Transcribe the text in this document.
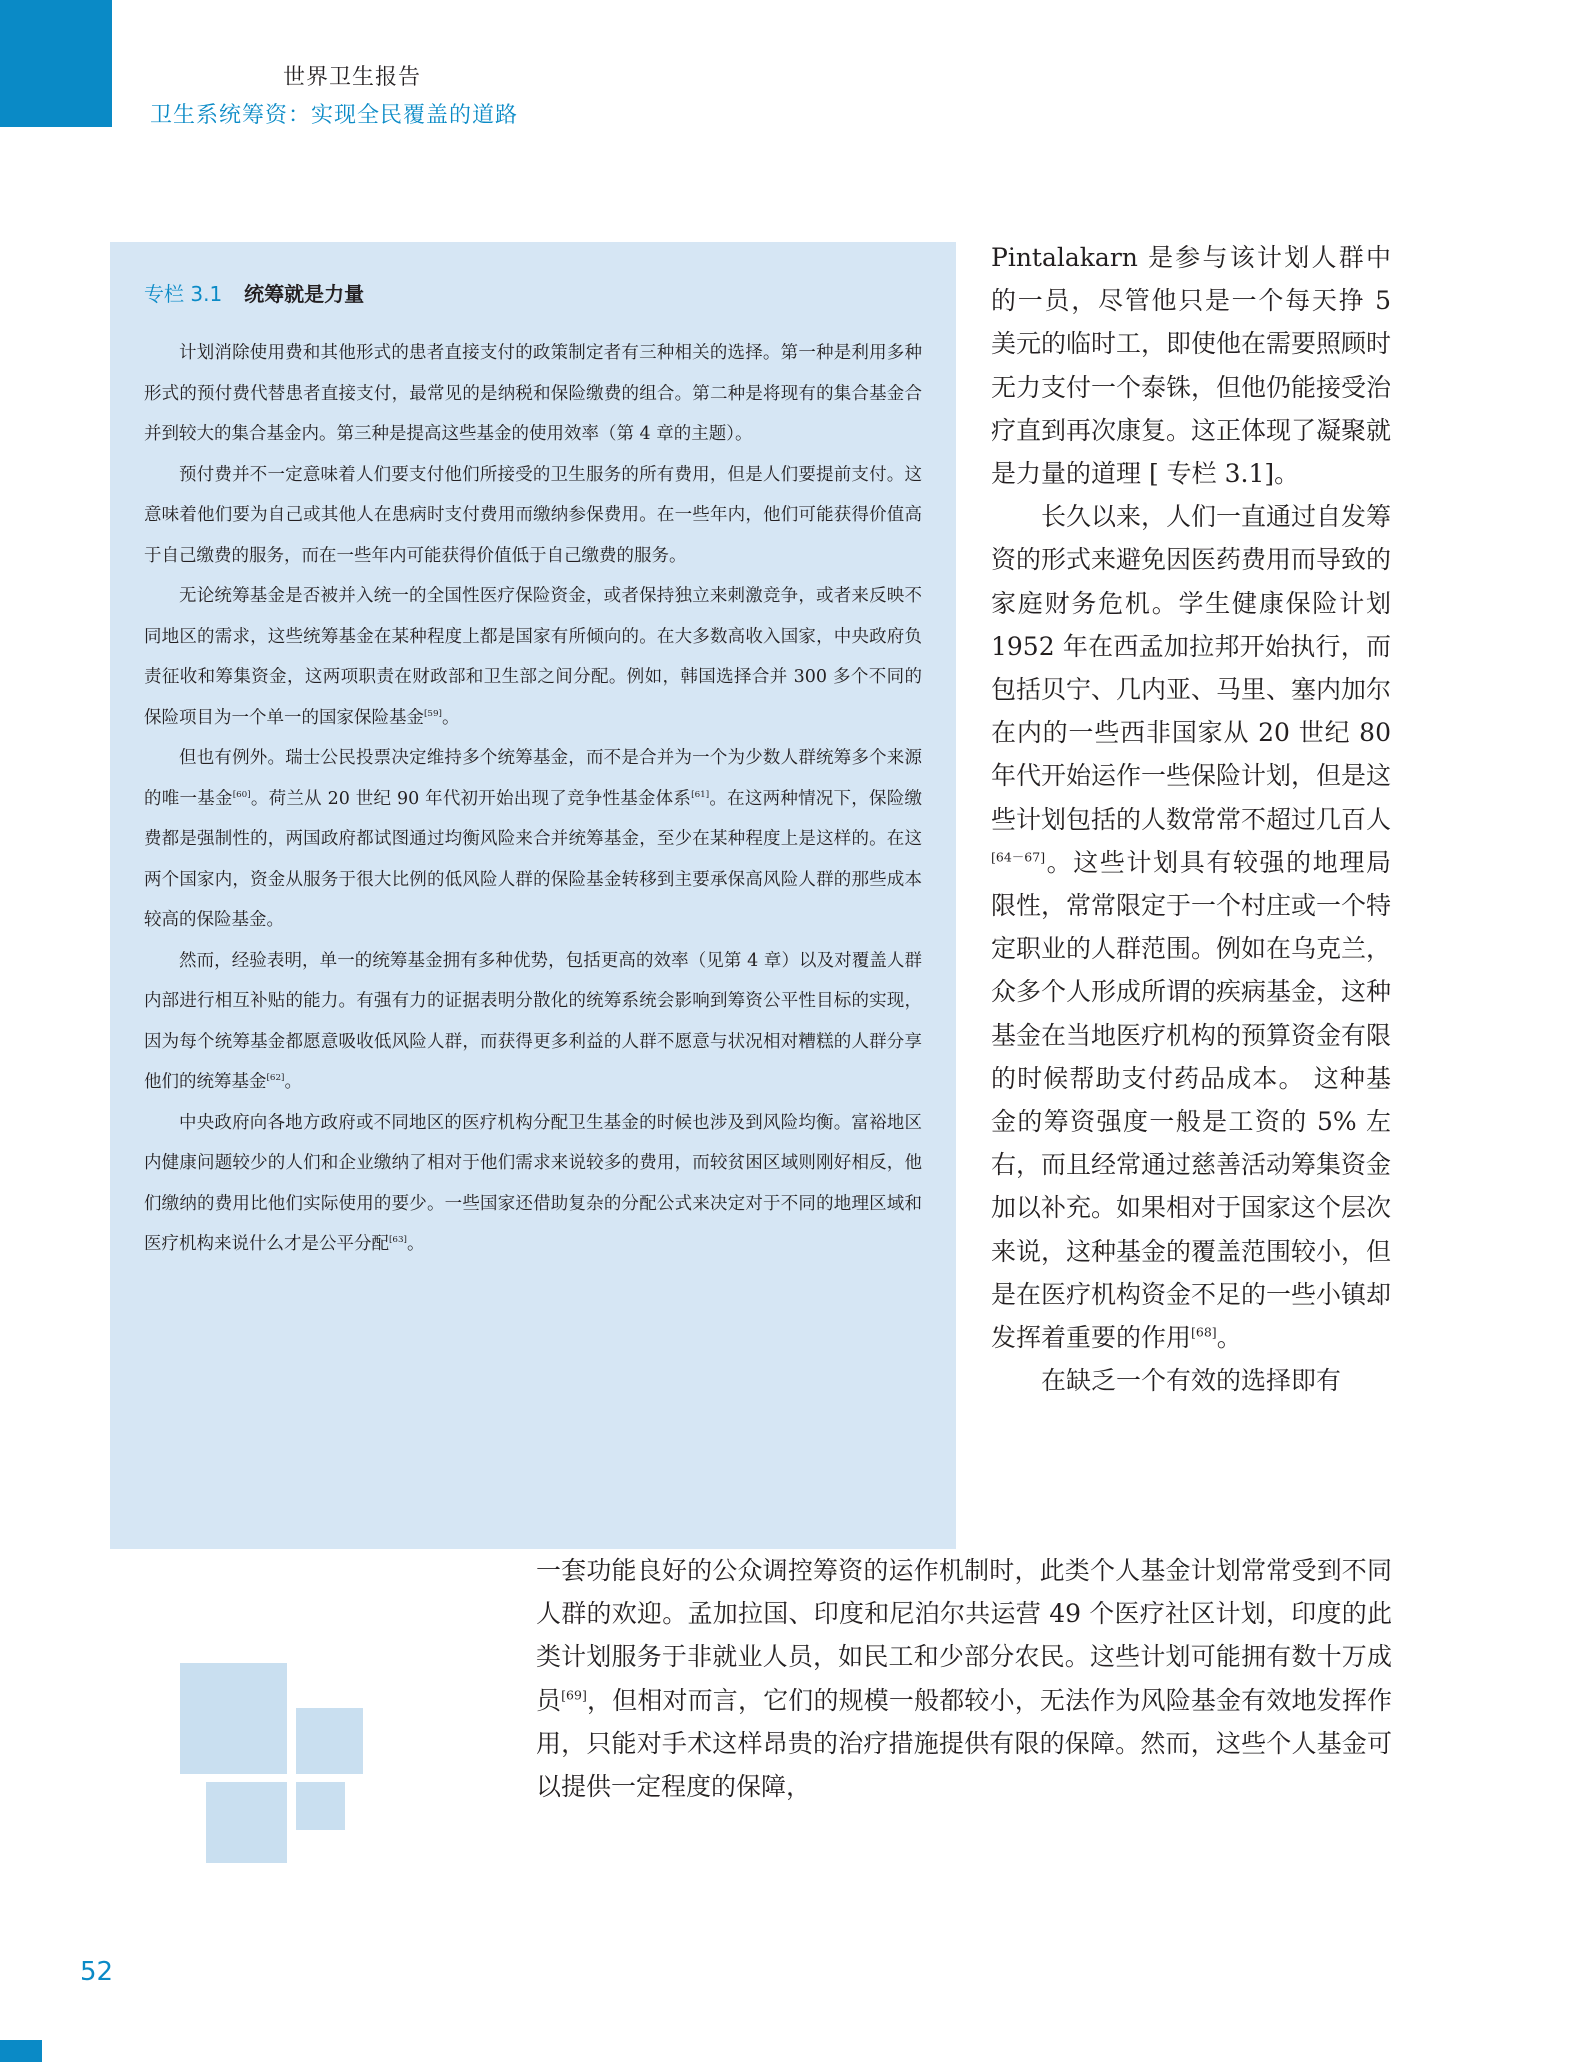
世界卫生报告
卫生系统筹资：实现全民覆盖的道路
专栏 3.1 统筹就是力量

计划消除使用费和其他形式的患者直接支付的政策制定者有三种相关的选择。第一种是利用多种形式的预付费代替患者直接支付，最常见的是纳税和保险缴费的组合。第二种是将现有的集合基金合并到较大的集合基金内。第三种是提高这些基金的使用效率（第 4 章的主题）。

预付费并不一定意味着人们要支付他们所接受的卫生服务的所有费用，但是人们要提前支付。这意味着他们要为自己或其他人在患病时支付费用而缴纳参保费用。在一些年内，他们可能获得价值高于自己缴费的服务，而在一些年内可能获得价值低于自己缴费的服务。

无论统筹基金是否被并入统一的全国性医疗保险资金，或者保持独立来刺激竞争，或者来反映不同地区的需求，这些统筹基金在某种程度上都是国家有所倾向的。在大多数高收入国家，中央政府负责征收和筹集资金，这两项职责在财政部和卫生部之间分配。例如，韩国选择合并 300 多个不同的保险项目为一个单一的国家保险基金[59]。

但也有例外。瑞士公民投票决定维持多个统筹基金，而不是合并为一个为少数人群统筹多个来源的唯一基金[60]。荷兰从 20 世纪 90 年代初开始出现了竞争性基金体系[61]。在这两种情况下，保险缴费都是强制性的，两国政府都试图通过均衡风险来合并统筹基金，至少在某种程度上是这样的。在这两个国家内，资金从服务于很大比例的低风险人群的保险基金转移到主要承保高风险人群的那些成本较高的保险基金。

然而，经验表明，单一的统筹基金拥有多种优势，包括更高的效率（见第 4 章）以及对覆盖人群内部进行相互补贴的能力。有强有力的证据表明分散化的统筹系统会影响到筹资公平性目标的实现，因为每个统筹基金都愿意吸收低风险人群，而获得更多利益的人群不愿意与状况相对糟糕的人群分享他们的统筹基金[62]。

中央政府向各地方政府或不同地区的医疗机构分配卫生基金的时候也涉及到风险均衡。富裕地区内健康问题较少的人们和企业缴纳了相对于他们需求来说较多的费用，而较贫困区域则刚好相反，他们缴纳的费用比他们实际使用的要少。一些国家还借助复杂的分配公式来决定对于不同的地理区域和医疗机构来说什么才是公平分配[63]。

Pintalakarn 是参与该计划人群中的一员，尽管他只是一个每天挣 5 美元的临时工，即使他在需要照顾时无力支付一个泰铢，但他仍能接受治疗直到再次康复。这正体现了凝聚就是力量的道理 [ 专栏 3.1]。

长久以来，人们一直通过自发筹资的形式来避免因医药费用而导致的家庭财务危机。学生健康保险计划 1952 年在西孟加拉邦开始执行，而包括贝宁、几内亚、马里、塞内加尔在内的一些西非国家从 20 世纪 80 年代开始运作一些保险计划，但是这些计划包括的人数常常不超过几百人[64－67]。这些计划具有较强的地理局限性，常常限定于一个村庄或一个特定职业的人群范围。例如在乌克兰，众多个人形成所谓的疾病基金，这种基金在当地医疗机构的预算资金有限的时候帮助支付药品成本。 这种基金的筹资强度一般是工资的 5% 左右，而且经常通过慈善活动筹集资金加以补充。如果相对于国家这个层次来说，这种基金的覆盖范围较小，但是在医疗机构资金不足的一些小镇却发挥着重要的作用[68]。

在缺乏一个有效的选择即有

一套功能良好的公众调控筹资的运作机制时，此类个人基金计划常常受到不同人群的欢迎。孟加拉国、印度和尼泊尔共运营 49 个医疗社区计划，印度的此类计划服务于非就业人员，如民工和少部分农民。这些计划可能拥有数十万成员[69]，但相对而言，它们的规模一般都较小，无法作为风险基金有效地发挥作用，只能对手术这样昂贵的治疗措施提供有限的保障。然而，这些个人基金可以提供一定程度的保障，

52
